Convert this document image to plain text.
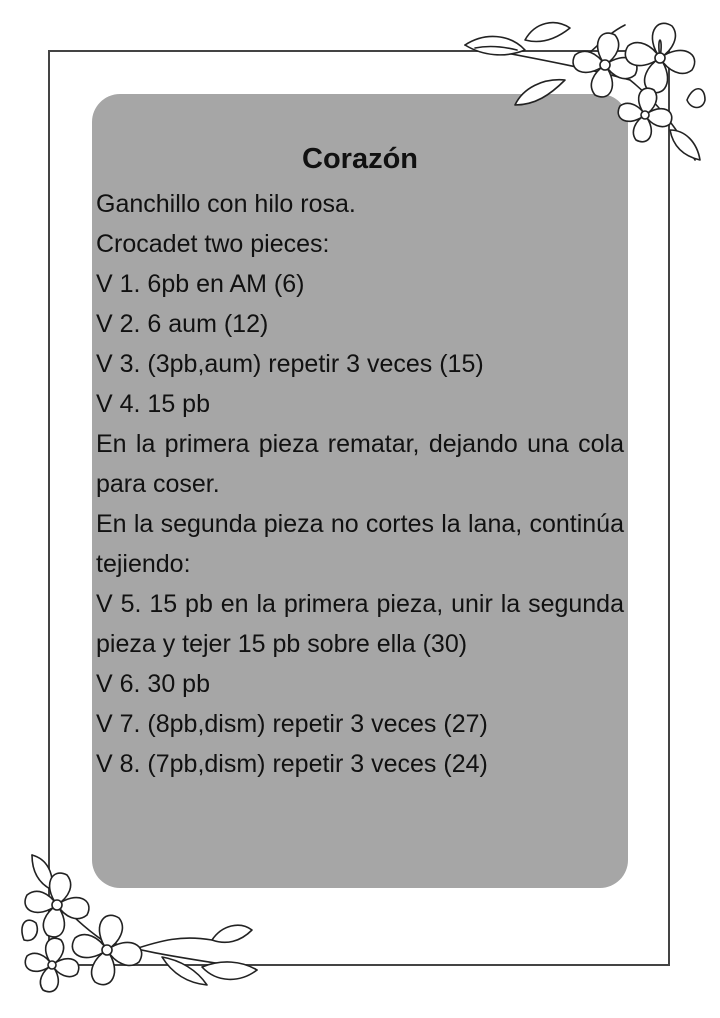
Corazón

Ganchillo con hilo rosa.

Crocadet two pieces:

V 1. 6pb en AM (6)

V 2. 6 aum (12)

V 3. (3pb,aum) repetir 3 veces (15)

V 4. 15 pb

En la primera pieza rematar, dejando una cola para coser.

En la segunda pieza no cortes la lana, continúa tejiendo:

V 5. 15 pb en la primera pieza, unir la segunda pieza y tejer 15 pb sobre ella (30)

V 6. 30 pb

V 7. (8pb,dism) repetir 3 veces (27)

V 8. (7pb,dism) repetir 3 veces (24)
